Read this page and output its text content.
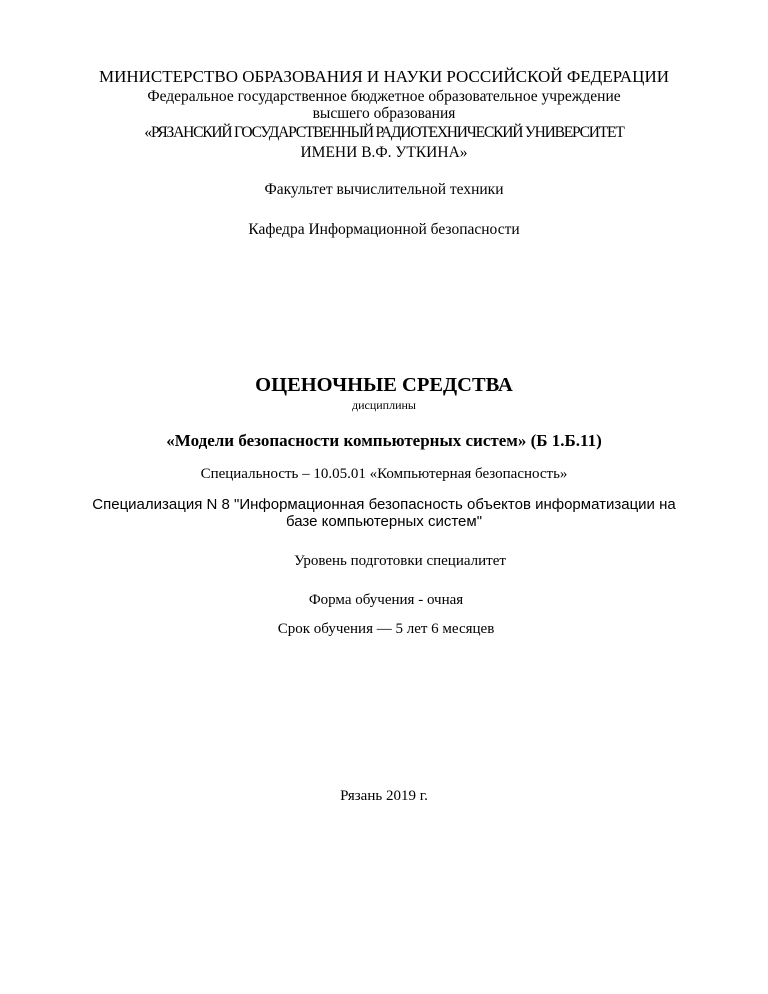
МИНИСТЕРСТВО ОБРАЗОВАНИЯ И НАУКИ РОССИЙСКОЙ ФЕДЕРАЦИИ
Федеральное государственное бюджетное образовательное учреждение
высшего образования
«РЯЗАНСКИЙ ГОСУДАРСТВЕННЫЙ РАДИОТЕХНИЧЕСКИЙ УНИВЕРСИТЕТ
ИМЕНИ В.Ф. УТКИНА»
Факультет вычислительной техники
Кафедра Информационной безопасности
ОЦЕНОЧНЫЕ СРЕДСТВА
дисциплины
«Модели безопасности компьютерных систем» (Б 1.Б.11)
Специальность – 10.05.01 «Компьютерная безопасность»
Специализация N 8 "Информационная безопасность объектов информатизации на
базе компьютерных систем"
Уровень подготовки специалитет
Форма обучения - очная
Срок обучения — 5 лет 6 месяцев
Рязань 2019 г.
